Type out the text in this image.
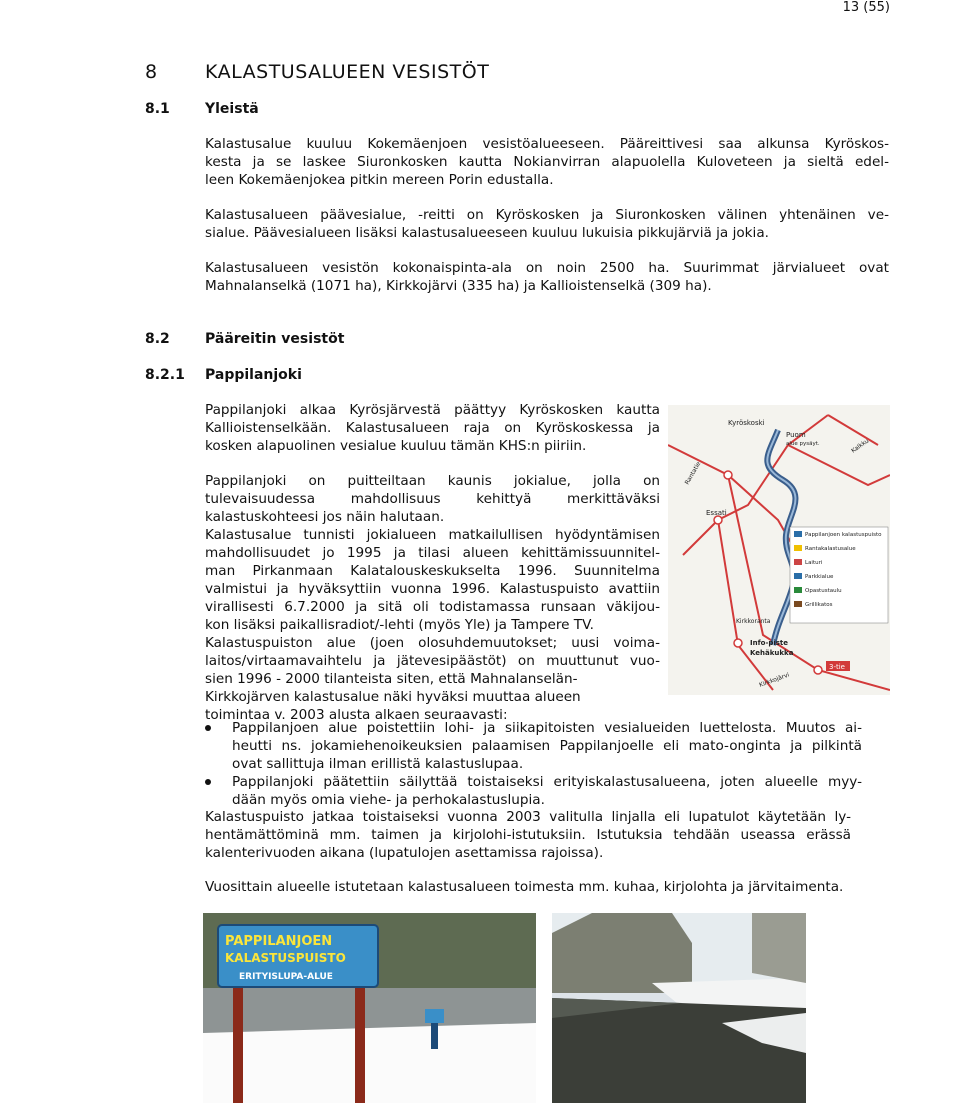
13 (55)
8 KALASTUSALUEEN VESISTÖT
8.1	Yleistä
Kalastusalue kuuluu Kokemäenjoen vesistöalueeseen. Pääreittivesi saa alkunsa Kyröskos-
kesta ja se laskee Siuronkosken kautta Nokianvirran alapuolella Kuloveteen ja sieltä edel-
leen Kokemäenjokea pitkin mereen Porin edustalla.
Kalastusalueen päävesialue, -reitti on Kyröskosken ja Siuronkosken välinen yhtenäinen ve-
sialue. Päävesialueen lisäksi kalastusalueeseen kuuluu lukuisia pikkujärviä ja jokia.
Kalastusalueen vesistön kokonaispinta-ala on noin 2500 ha. Suurimmat järvialueet ovat
Mahnalanselkä (1071 ha), Kirkkojärvi (335 ha) ja Kallioistenselkä (309 ha).
8.2	Pääreitin vesistöt
8.2.1 Pappilanjoki
Pappilanjoki alkaa Kyrösjärvestä päättyy Kyröskosken kautta
Kallioistenselkään. Kalastusalueen raja on Kyröskoskessa ja
kosken alapuolinen vesialue kuuluu tämän KHS:n piiriin.
Pappilanjoki on puitteiltaan kaunis jokialue, jolla on
tulevaisuudessa mahdollisuus kehittyä merkittäväksi
kalastuskohteesi jos näin halutaan.
Kalastusalue tunnisti jokialueen matkailullisen hyödyntämisen
mahdollisuudet jo 1995 ja tilasi alueen kehittämissuunnitel-
man Pirkanmaan Kalatalouskeskukselta 1996. Suunnitelma
valmistui ja hyväksyttiin vuonna 1996. Kalastuspuisto avattiin
virallisesti 6.7.2000 ja sitä oli todistamassa runsaan väkijou-
kon lisäksi paikallisradiot/-lehti (myös Yle) ja Tampere TV.
Kalastuspuiston alue (joen olosuhdemuutokset; uusi voima-
laitos/virtaamavaihtelu ja jätevesipäästöt) on muuttunut vuo-
sien 1996 - 2000 tilanteista siten, että Mahnalanselän-
Kirkkojärven kalastusalue näki hyväksi muuttaa alueen
toimintaa v. 2003 alusta alkaen seuraavasti:
Pappilanjoen alue poistettiin lohi- ja siikapitoisten vesialueiden luettelosta. Muutos ai-
heutti ns. jokamiehenoikeuksien palaamisen Pappilanjoelle eli mato-onginta ja pilkintä
ovat sallittuja ilman erillistä kalastuslupaa.
Pappilanjoki päätettiin säilyttää toistaiseksi erityiskalastusalueena, joten alueelle myy-
dään myös omia viehe- ja perhokalastuslupia.
Kalastuspuisto jatkaa toistaiseksi vuonna 2003 valitulla linjalla eli lupatulot käytetään ly-
hentämättöminä mm. taimen ja kirjolohi-istutuksiin. Istutuksia tehdään useassa erässä
kalenterivuoden aikana (lupatulojen asettamissa rajoissa).
Vuosittain alueelle istutetaan kalastusalueen toimesta mm. kuhaa, kirjolohta ja järvitaimenta.
Pappilanjoen kalastuspuisto
Rantakalastusalue
Laituri
Parkkialue
Opastustaulu
Grillikatos
Kyröskoski
Puom
alue pysäyt.	Kalkku
Essati
Rantatie
Kirkkoranta
Info-piste
Kehäkukka
Kirkkojärvi
3-tie
PAPPILANJOEN
KALASTUSPUISTO
ERITYISLUPA-ALUE
